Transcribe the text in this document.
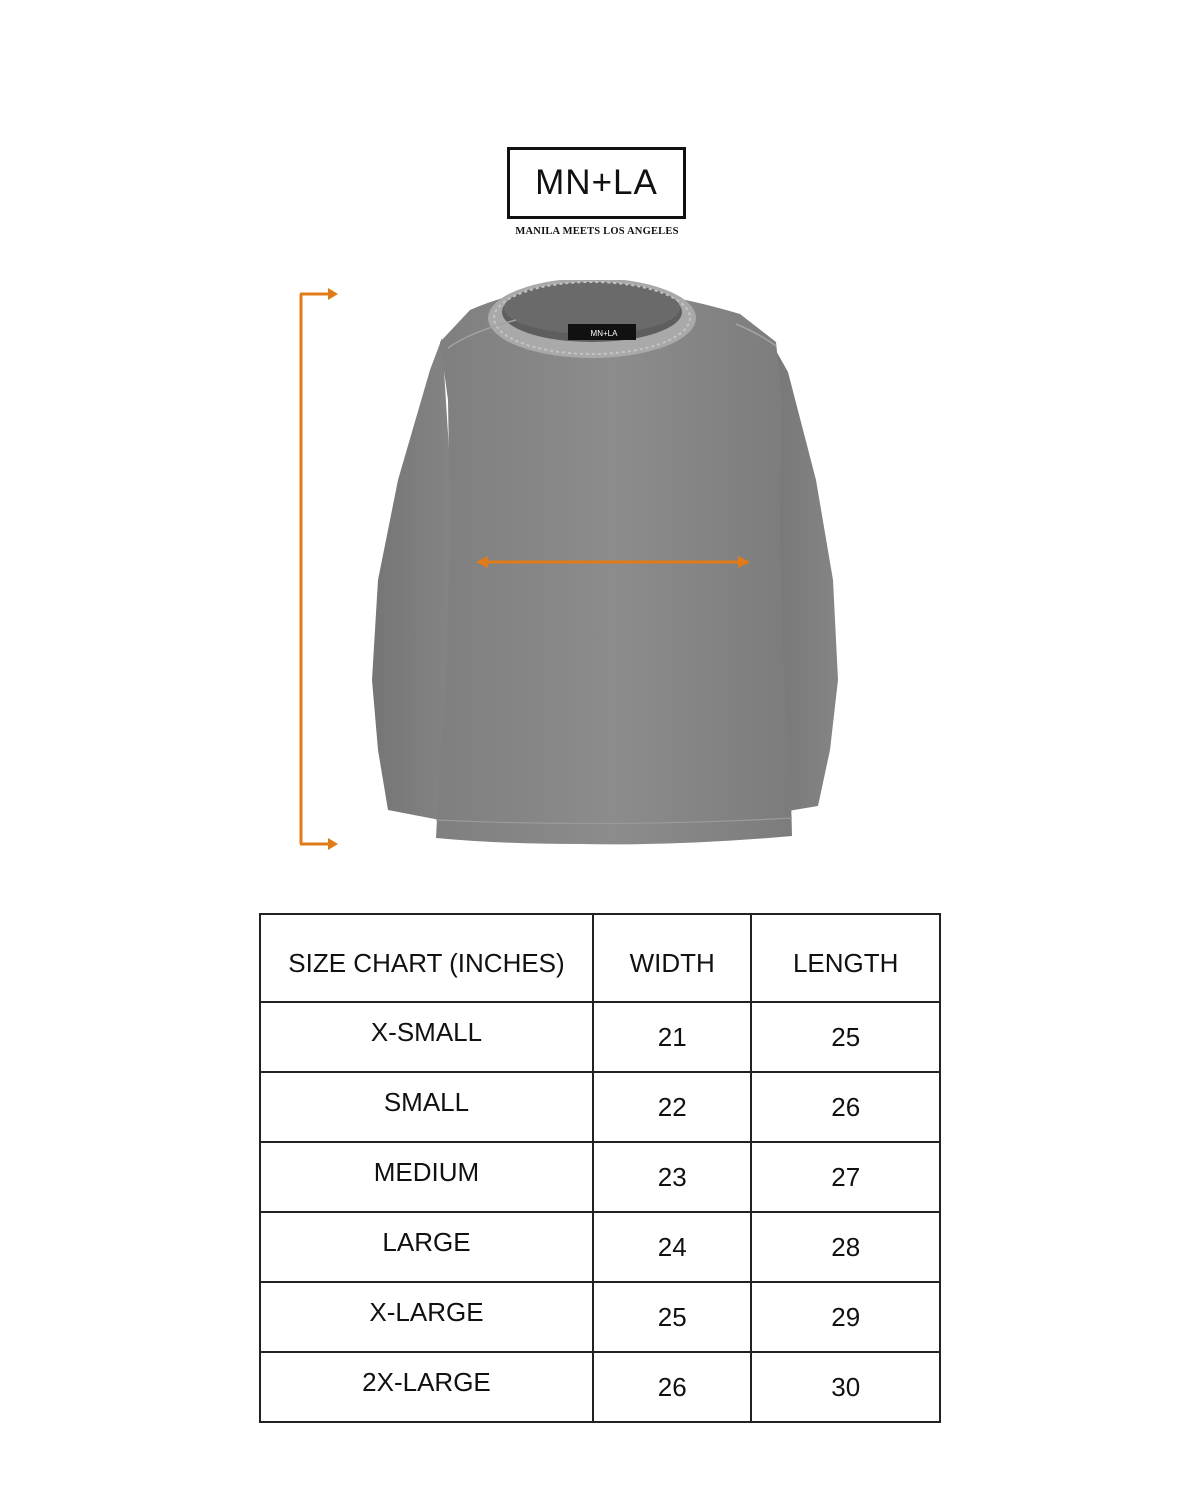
MN+LA
MANILA MEETS LOS ANGELES
MN+LA
SIZE CHART (INCHES)	WIDTH	LENGTH
X-SMALL	21	25
SMALL	22	26
MEDIUM	23	27
LARGE	24	28
X-LARGE	25	29
2X-LARGE	26	30
